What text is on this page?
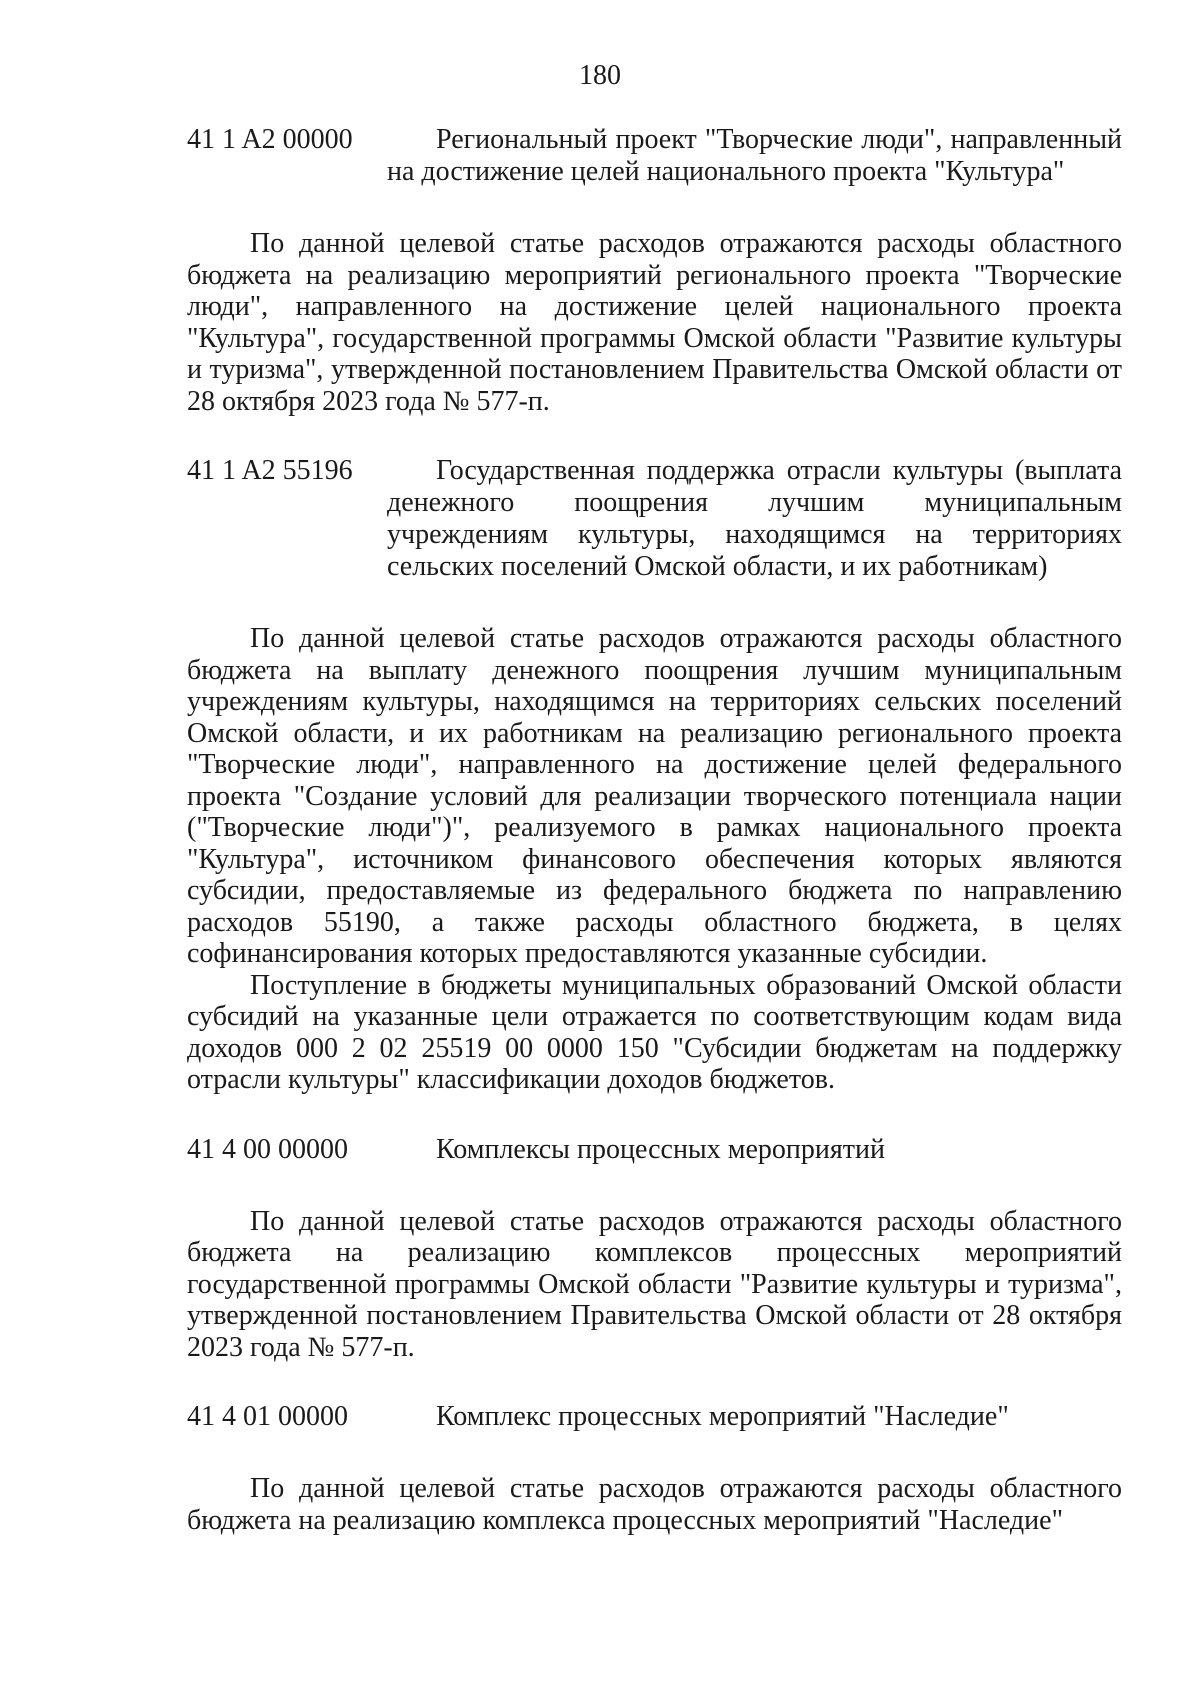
180
41 1 A2 00000	Региональный проект "Творческие люди", направленный на достижение целей национального проекта "Культура"

По данной целевой статье расходов отражаются расходы областного бюджета на реализацию мероприятий регионального проекта "Творческие люди", направленного на достижение целей национального проекта "Культура", государственной программы Омской области "Развитие культуры и туризма", утвержденной постановлением Правительства Омской области от 28 октября 2023 года № 577-п.

41 1 A2 55196	Государственная поддержка отрасли культуры (выплата денежного поощрения лучшим муниципальным учреждениям культуры, находящимся на территориях сельских поселений Омской области, и их работникам)

По данной целевой статье расходов отражаются расходы областного бюджета на выплату денежного поощрения лучшим муниципальным учреждениям культуры, находящимся на территориях сельских поселений Омской области, и их работникам на реализацию регионального проекта "Творческие люди", направленного на достижение целей федерального проекта "Создание условий для реализации творческого потенциала нации ("Творческие люди")", реализуемого в рамках национального проекта "Культура", источником финансового обеспечения которых являются субсидии, предоставляемые из федерального бюджета по направлению расходов 55190, а также расходы областного бюджета, в целях софинансирования которых предоставляются указанные субсидии.

Поступление в бюджеты муниципальных образований Омской области субсидий на указанные цели отражается по соответствующим кодам вида доходов 000 2 02 25519 00 0000 150 "Субсидии бюджетам на поддержку отрасли культуры" классификации доходов бюджетов.

41 4 00 00000	Комплексы процессных мероприятий

По данной целевой статье расходов отражаются расходы областного бюджета на реализацию комплексов процессных мероприятий государственной программы Омской области "Развитие культуры и туризма", утвержденной постановлением Правительства Омской области от 28 октября 2023 года № 577-п.

41 4 01 00000	Комплекс процессных мероприятий "Наследие"

По данной целевой статье расходов отражаются расходы областного бюджета на реализацию комплекса процессных мероприятий "Наследие"
